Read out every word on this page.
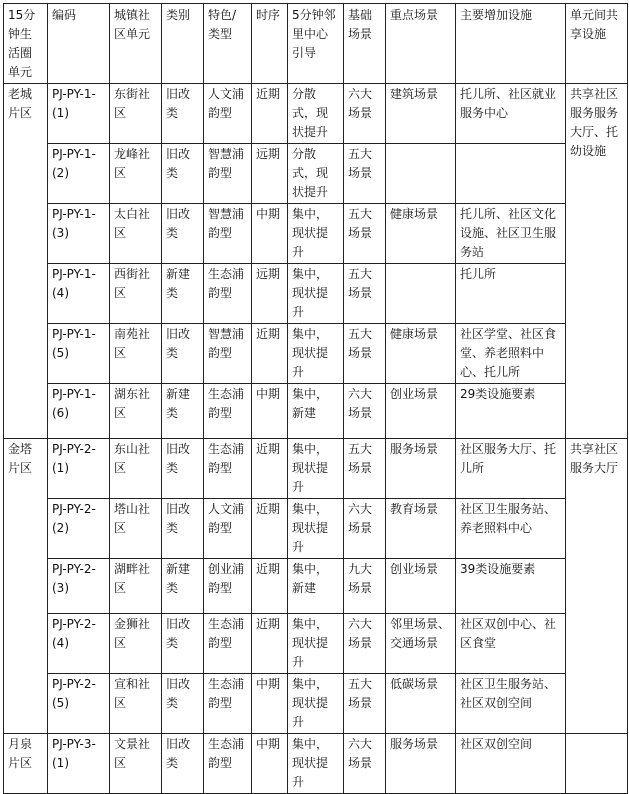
15分钟生活圈单元	编码	城镇社区单元	类别	特色/类型	时序	5分钟邻里中心引导	基础场景	重点场景	主要增加设施	单元间共享设施
老城片区	PJ-PY-1-(1)	东街社区	旧改类	人文浦韵型	近期	分散式，现状提升	六大场景	建筑场景	托儿所、社区就业服务中心	共享社区服务服务大厅、托幼设施
	PJ-PY-1-(2)	龙峰社区	旧改类	智慧浦韵型	远期	分散式，现状提升	五大场景			
	PJ-PY-1-(3)	太白社区	旧改类	智慧浦韵型	中期	集中，现状提升	五大场景	健康场景	托儿所、社区文化设施、社区卫生服务站	
	PJ-PY-1-(4)	西街社区	新建类	生态浦韵型	远期	集中，现状提升	五大场景		托儿所	
	PJ-PY-1-(5)	南苑社区	旧改类	智慧浦韵型	近期	集中，现状提升	五大场景	健康场景	社区学堂、社区食堂、养老照料中心、托儿所	
	PJ-PY-1-(6)	湖东社区	新建类	生态浦韵型	中期	集中，新建	六大场景	创业场景	29类设施要素	
金塔片区	PJ-PY-2-(1)	东山社区	旧改类	生态浦韵型	近期	集中，现状提升	五大场景	服务场景	社区服务大厅、托儿所	共享社区服务大厅
	PJ-PY-2-(2)	塔山社区	旧改类	人文浦韵型	近期	集中，现状提升	六大场景	教育场景	社区卫生服务站、养老照料中心	
	PJ-PY-2-(3)	湖畔社区	新建类	创业浦韵型	近期	集中，新建	九大场景	创业场景	39类设施要素	
	PJ-PY-2-(4)	金狮社区	旧改类	生态浦韵型	近期	集中，现状提升	六大场景	邻里场景、交通场景	社区双创中心、社区食堂	
	PJ-PY-2-(5)	宣和社区	旧改类	生态浦韵型	中期	集中，现状提升	五大场景	低碳场景	社区卫生服务站、社区双创空间	
月泉片区	PJ-PY-3-(1)	文景社区	旧改类	生态浦韵型	中期	集中，现状提升	六大场景	服务场景	社区双创空间	
